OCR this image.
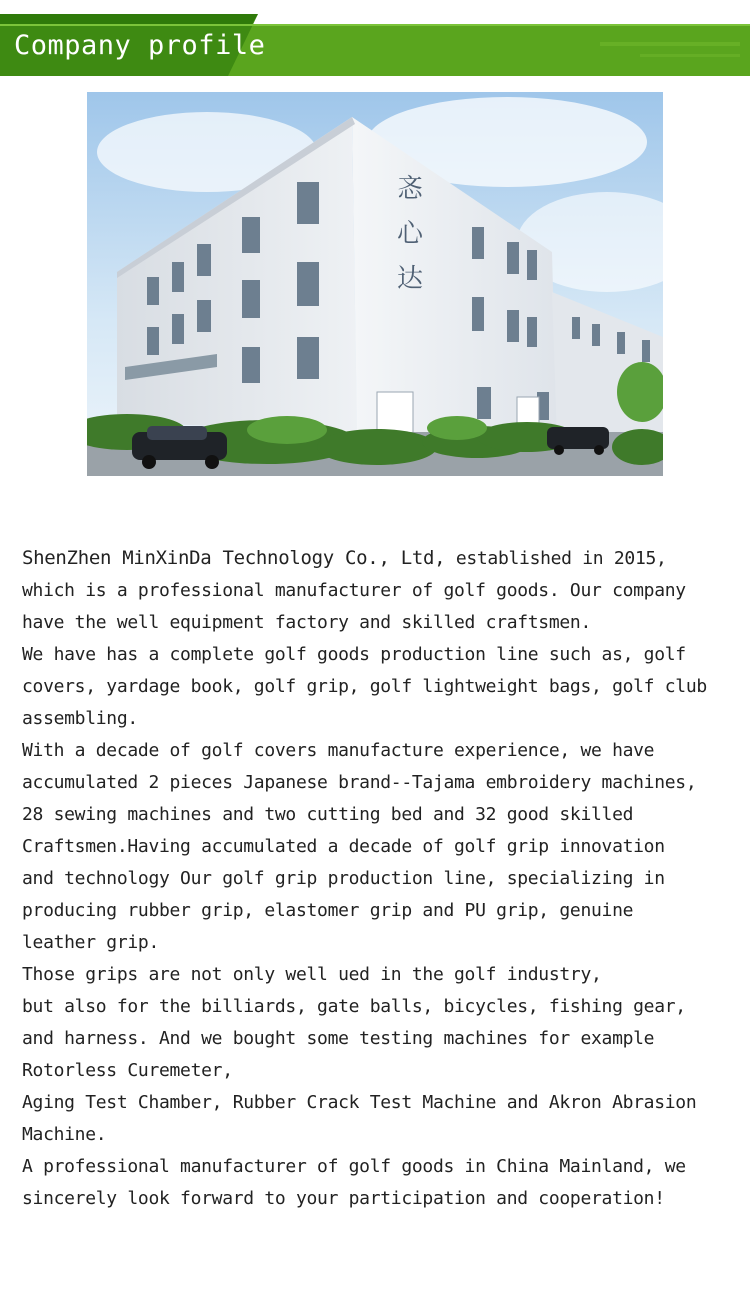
Company profile
忞
心
达

ShenZhen MinXinDa Technology Co., Ltd, established in 2015,

which is a professional manufacturer of golf goods. Our company

have the well equipment factory and skilled craftsmen.

We have has a complete golf goods production line such as, golf

covers, yardage book, golf grip, golf lightweight bags, golf club

assembling.

With a decade of golf covers manufacture experience, we have

accumulated 2 pieces Japanese brand--Tajama embroidery machines,

28 sewing machines and two cutting bed and 32 good skilled

Craftsmen.Having accumulated a decade of golf grip innovation

and technology Our golf grip production line, specializing in

producing rubber grip, elastomer grip and PU grip, genuine

leather grip.

Those grips are not only well ued in the golf industry,

but also for the billiards, gate balls, bicycles, fishing gear,

and harness. And we bought some testing machines for example

Rotorless Curemeter,

Aging Test Chamber, Rubber Crack Test Machine and Akron Abrasion

Machine.

A professional manufacturer of golf goods in China Mainland, we

sincerely look forward to your participation and cooperation!
